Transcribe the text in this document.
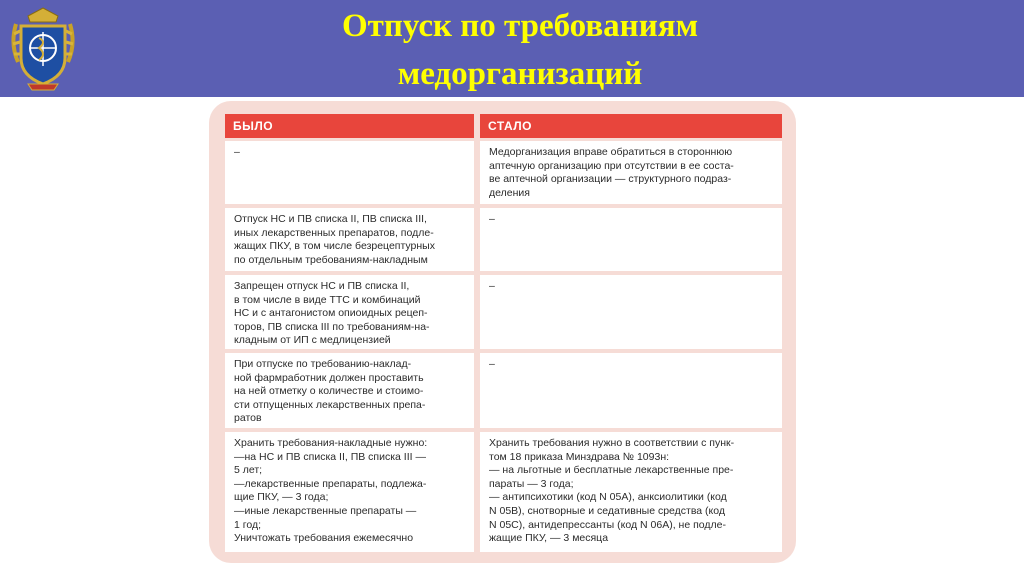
Отпуск по требованиям
медорганизаций
БЫЛО	СТАЛО
–	Медорганизация вправе обратиться в стороннюю
аптечную организацию при отсутствии в ее соста-
ве аптечной организации — структурного подраз-
деления
Отпуск НС и ПВ списка II, ПВ списка III,
иных лекарственных препаратов, подле-
жащих ПКУ, в том числе безрецептурных
по отдельным требованиям-накладным
–
Запрещен отпуск НС и ПВ списка II,
в том числе в виде ТТС и комбинаций
НС и с антагонистом опиоидных рецеп-
торов, ПВ списка III по требованиям-на-
кладным от ИП с медлицензией
–
При отпуске по требованию-наклад-
ной фармработник должен проставить
на ней отметку о количестве и стоимо-
сти отпущенных лекарственных препа-
ратов
–
Хранить требования-накладные нужно:
—на НС и ПВ списка II, ПВ списка III —
5 лет;
—лекарственные препараты, подлежа-
щие ПКУ, — 3 года;
—иные лекарственные препараты —
1 год;
Уничтожать требования ежемесячно
Хранить требования нужно в соответствии с пунк-
том 18 приказа Минздрава № 1093н:
— на льготные и бесплатные лекарственные пре-
параты — 3 года;
— антипсихотики (код N 05А), анксиолитики (код
N 05В), снотворные и седативные средства (код
N 05С), антидепрессанты (код N 06А), не подле-
жащие ПКУ, — 3 месяца
